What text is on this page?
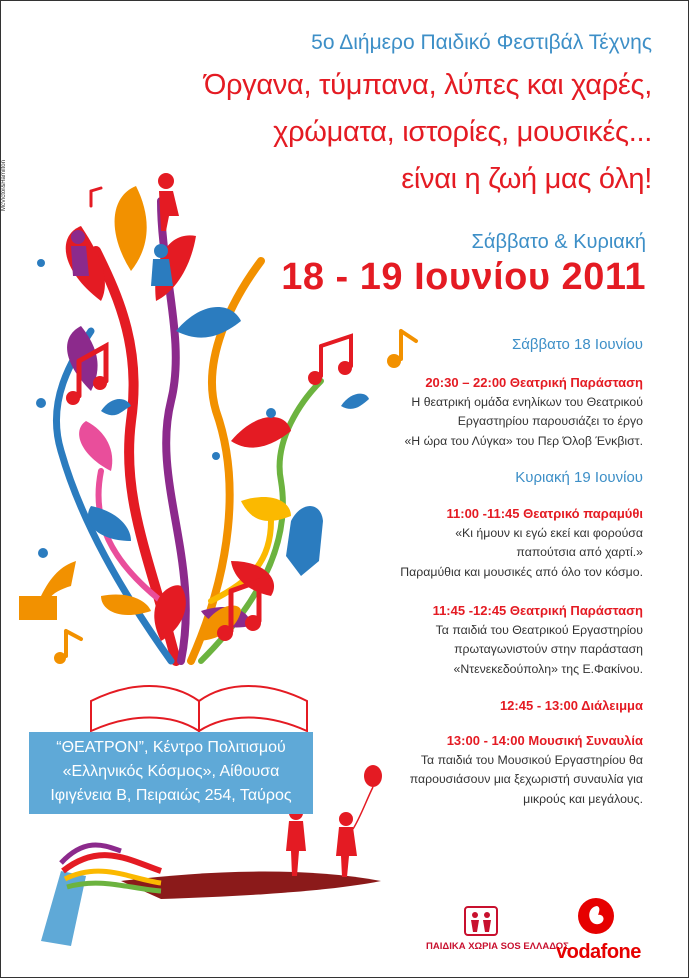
McVictor&Hamilton
5ο Διήμερο Παιδικό Φεστιβάλ Τέχνης
Όργανα, τύμπανα, λύπες και χαρές,
χρώματα, ιστορίες, μουσικές...
είναι η ζωή μας όλη!
Σάββατο & Κυριακή
18 - 19 Ιουνίου 2011
Σάββατο 18 Ιουνίου
20:30 – 22:00 Θεατρική Παράσταση
Η θεατρική ομάδα ενηλίκων του Θεατρικού
Εργαστηρίου παρουσιάζει το έργο
«Η ώρα του Λύγκα» του Περ Όλοβ Ένκβιστ.
Κυριακή 19 Ιουνίου
11:00 -11:45 Θεατρικό παραμύθι
«Κι ήμουν κι εγώ εκεί και φορούσα
παπούτσια από χαρτί.»
Παραμύθια και μουσικές από όλο τον κόσμο.
11:45 -12:45 Θεατρική Παράσταση
Τα παιδιά του Θεατρικού Εργαστηρίου
πρωταγωνιστούν στην παράσταση
«Ντενεκεδούπολη» της Ε.Φακίνου.
12:45 - 13:00 Διάλειμμα
13:00 - 14:00 Μουσική Συναυλία
Τα παιδιά του Μουσικού Εργαστηρίου θα
παρουσιάσουν μια ξεχωριστή συναυλία για
μικρούς και μεγάλους.
“ΘΕΑΤΡΟΝ”, Κέντρο Πολιτισμού
«Ελληνικός Κόσμος», Αίθουσα
Ιφιγένεια Β, Πειραιώς 254, Ταύρος
ΠΑΙΔΙΚΑ ΧΩΡΙΑ SOS ΕΛΛΑΔΟΣ
vodafone
